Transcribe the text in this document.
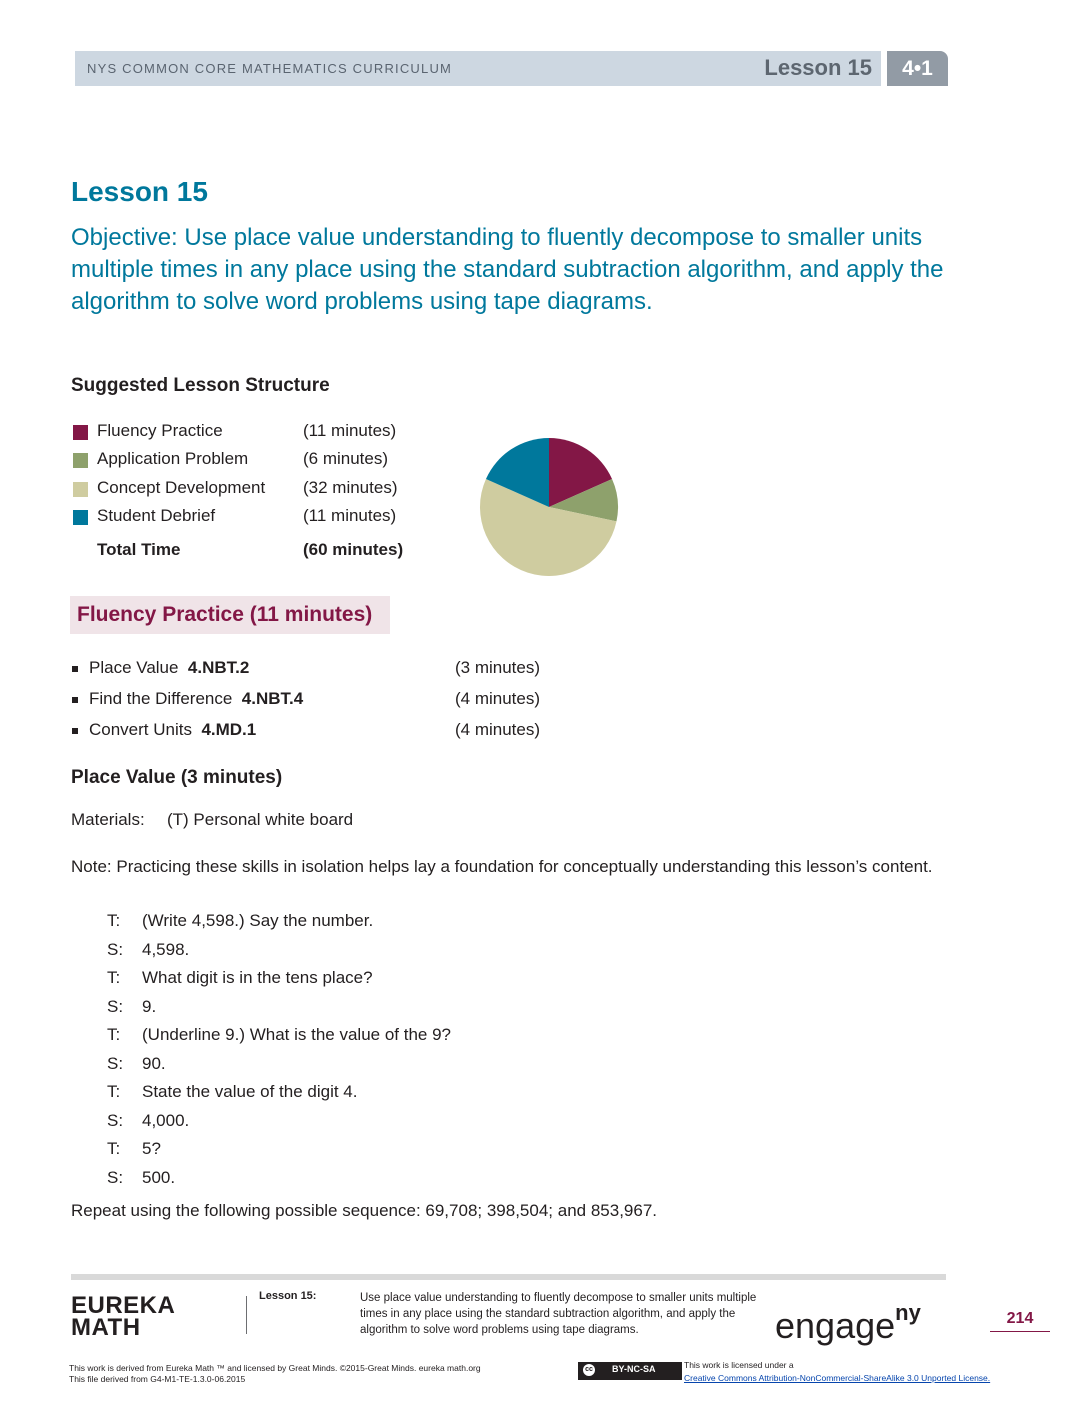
NYS COMMON CORE MATHEMATICS CURRICULUM	Lesson 15	4•1
Lesson 15
Objective: Use place value understanding to fluently decompose to smaller units multiple times in any place using the standard subtraction algorithm, and apply the algorithm to solve word problems using tape diagrams.
Suggested Lesson Structure
Fluency Practice	(11 minutes)
Application Problem	(6 minutes)
Concept Development (32 minutes)
Student Debrief	(11 minutes)
Total Time	(60 minutes)
Fluency Practice (11 minutes)
Place Value 4.NBT.2	(3 minutes)
Find the Difference 4.NBT.4	(4 minutes)
Convert Units 4.MD.1	(4 minutes)
Place Value (3 minutes)
Materials: (T) Personal white board
Note: Practicing these skills in isolation helps lay a foundation for conceptually understanding this lesson’s content.
T: (Write 4,598.) Say the number.
S: 4,598.
T: What digit is in the tens place?
S: 9.
T: (Underline 9.) What is the value of the 9?
S: 90.
T: State the value of the digit 4.
S: 4,000.
T: 5?
S: 500.
Repeat using the following possible sequence: 69,708; 398,504; and 853,967.
EUREKA
MATH
Lesson 15:	Use place value understanding to fluently decompose to smaller units multiple times in any place using the standard subtraction algorithm, and apply the algorithm to solve word problems using tape diagrams.	engage$^{ny}$	214
This work is derived from Eureka Math ™ and licensed by Great Minds. ©2015-Great Minds. eureka math.org
This file derived from G4-M1-TE-1.3.0-06.2015
cc BY-NC-SA	This work is licensed under a
Creative Commons Attribution-NonCommercial-ShareAlike 3.0 Unported License.
